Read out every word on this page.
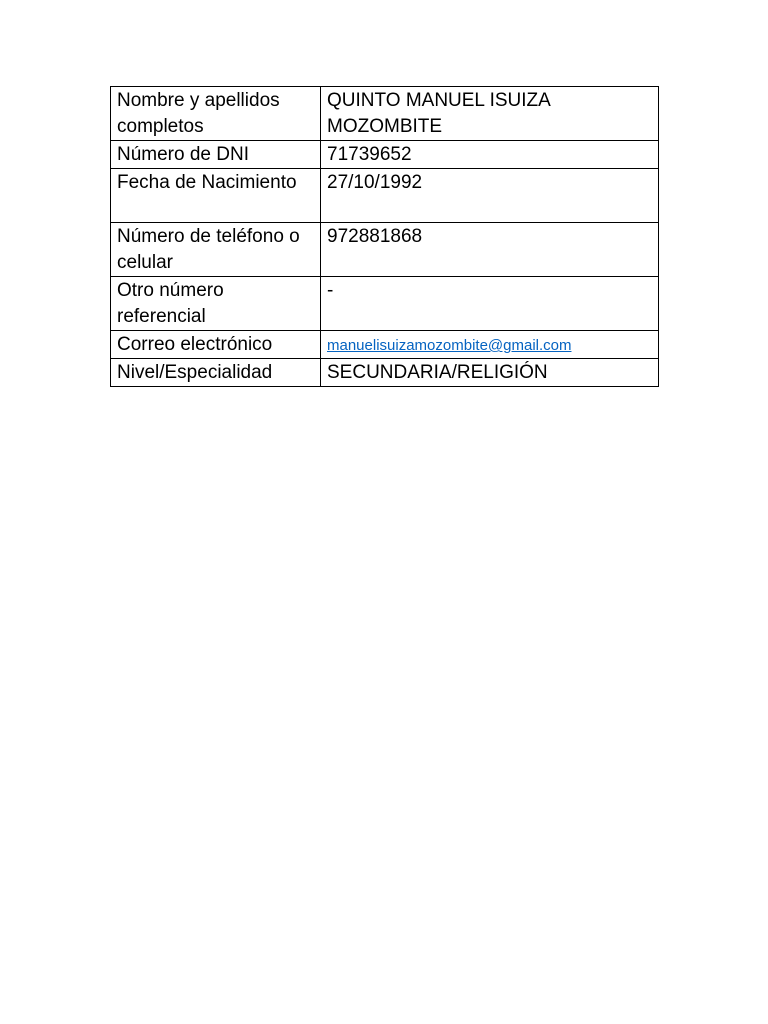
Nombre y apellidos completos	QUINTO MANUEL ISUIZA MOZOMBITE
Número de DNI	71739652
Fecha de Nacimiento	27/10/1992
Número de teléfono o celular	972881868
Otro número referencial	-
Correo electrónico	manuelisuizamozombite@gmail.com
Nivel/Especialidad	SECUNDARIA/RELIGIÓN
